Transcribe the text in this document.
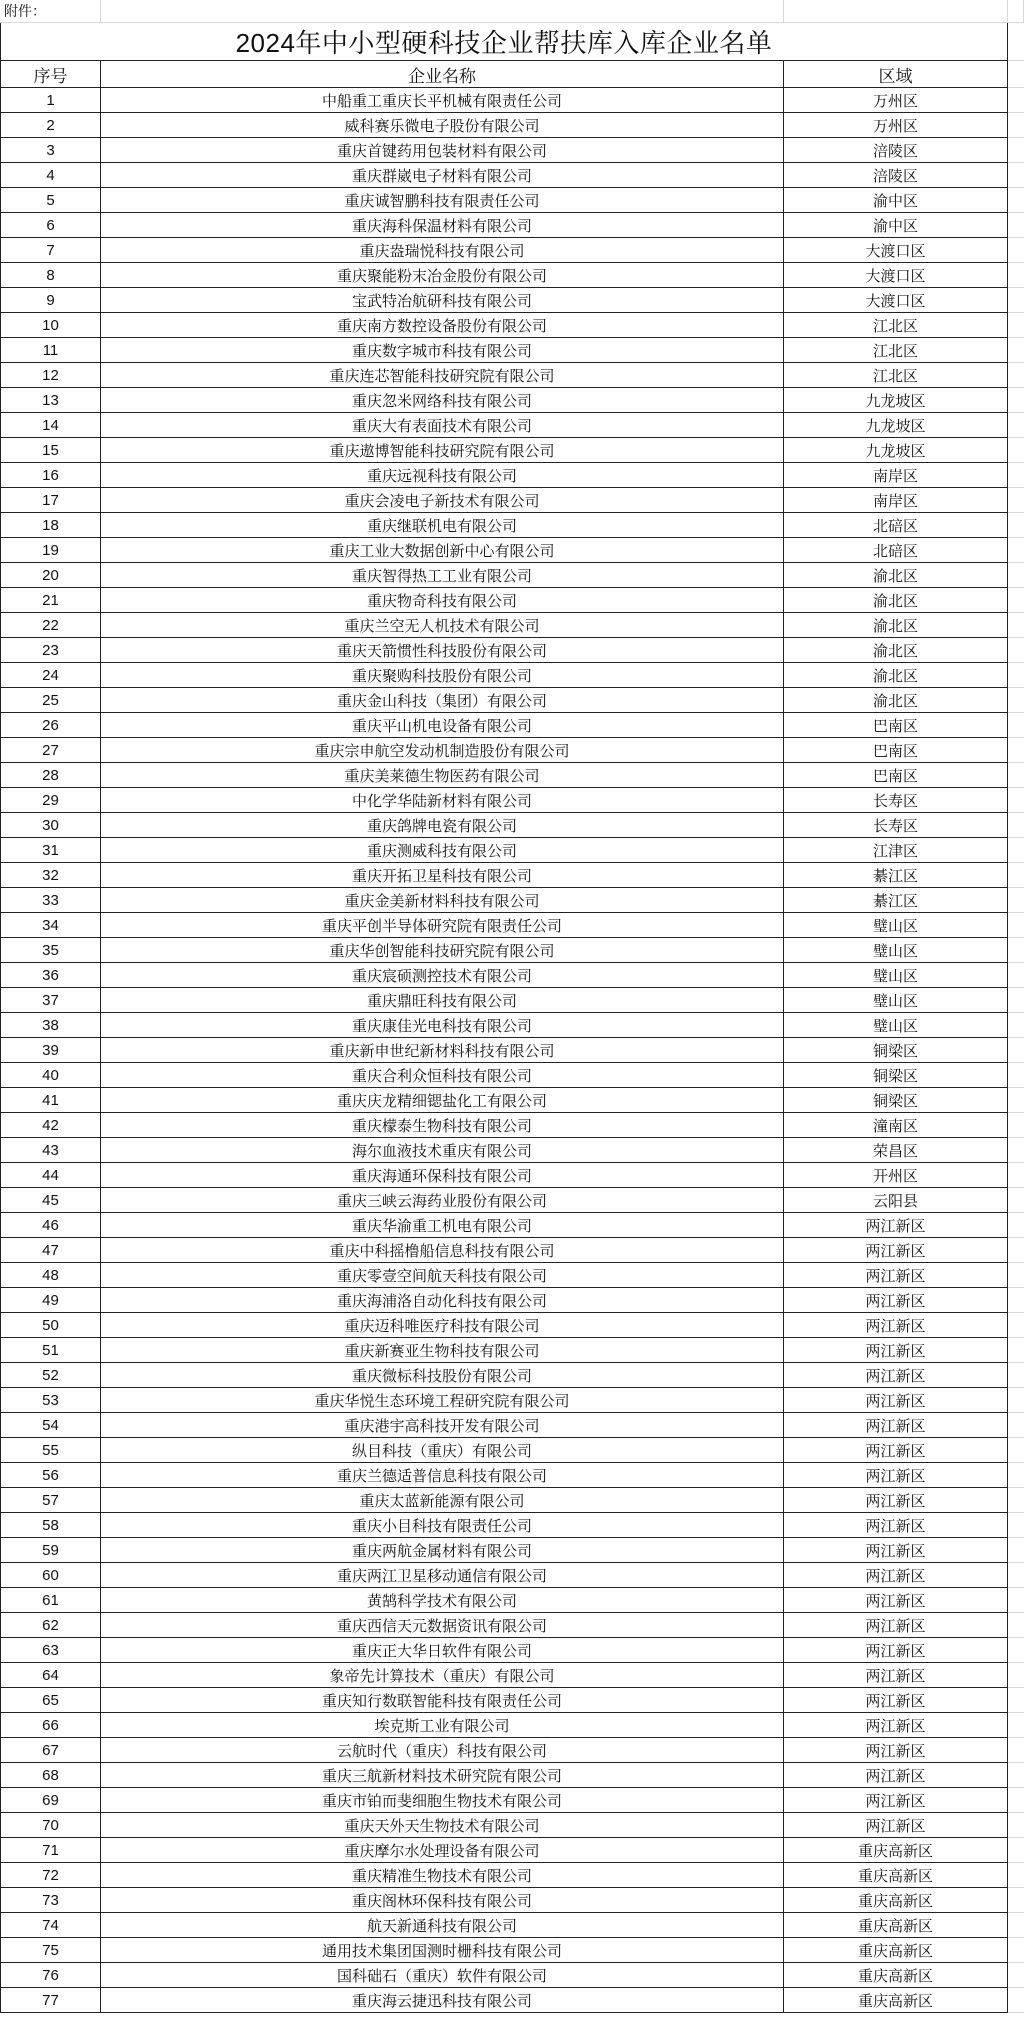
附件：
2024年中小型硬科技企业帮扶库入库企业名单
序号	企业名称	区域
1	中船重工重庆长平机械有限责任公司	万州区
2	威科赛乐微电子股份有限公司	万州区
3	重庆首键药用包装材料有限公司	涪陵区
4	重庆群崴电子材料有限公司	涪陵区
5	重庆诚智鹏科技有限责任公司	渝中区
6	重庆海科保温材料有限公司	渝中区
7	重庆盎瑞悦科技有限公司	大渡口区
8	重庆聚能粉末冶金股份有限公司	大渡口区
9	宝武特冶航研科技有限公司	大渡口区
10	重庆南方数控设备股份有限公司	江北区
11	重庆数字城市科技有限公司	江北区
12	重庆连芯智能科技研究院有限公司	江北区
13	重庆忽米网络科技有限公司	九龙坡区
14	重庆大有表面技术有限公司	九龙坡区
15	重庆遨博智能科技研究院有限公司	九龙坡区
16	重庆远视科技有限公司	南岸区
17	重庆会凌电子新技术有限公司	南岸区
18	重庆继联机电有限公司	北碚区
19	重庆工业大数据创新中心有限公司	北碚区
20	重庆智得热工工业有限公司	渝北区
21	重庆物奇科技有限公司	渝北区
22	重庆兰空无人机技术有限公司	渝北区
23	重庆天箭惯性科技股份有限公司	渝北区
24	重庆聚购科技股份有限公司	渝北区
25	重庆金山科技（集团）有限公司	渝北区
26	重庆平山机电设备有限公司	巴南区
27	重庆宗申航空发动机制造股份有限公司	巴南区
28	重庆美莱德生物医药有限公司	巴南区
29	中化学华陆新材料有限公司	长寿区
30	重庆鸽牌电瓷有限公司	长寿区
31	重庆测威科技有限公司	江津区
32	重庆开拓卫星科技有限公司	綦江区
33	重庆金美新材料科技有限公司	綦江区
34	重庆平创半导体研究院有限责任公司	璧山区
35	重庆华创智能科技研究院有限公司	璧山区
36	重庆宸硕测控技术有限公司	璧山区
37	重庆鼎旺科技有限公司	璧山区
38	重庆康佳光电科技有限公司	璧山区
39	重庆新申世纪新材料科技有限公司	铜梁区
40	重庆合利众恒科技有限公司	铜梁区
41	重庆庆龙精细锶盐化工有限公司	铜梁区
42	重庆檬泰生物科技有限公司	潼南区
43	海尔血液技术重庆有限公司	荣昌区
44	重庆海通环保科技有限公司	开州区
45	重庆三峡云海药业股份有限公司	云阳县
46	重庆华渝重工机电有限公司	两江新区
47	重庆中科摇橹船信息科技有限公司	两江新区
48	重庆零壹空间航天科技有限公司	两江新区
49	重庆海浦洛自动化科技有限公司	两江新区
50	重庆迈科唯医疗科技有限公司	两江新区
51	重庆新赛亚生物科技有限公司	两江新区
52	重庆微标科技股份有限公司	两江新区
53	重庆华悦生态环境工程研究院有限公司	两江新区
54	重庆港宇高科技开发有限公司	两江新区
55	纵目科技（重庆）有限公司	两江新区
56	重庆兰德适普信息科技有限公司	两江新区
57	重庆太蓝新能源有限公司	两江新区
58	重庆小目科技有限责任公司	两江新区
59	重庆两航金属材料有限公司	两江新区
60	重庆两江卫星移动通信有限公司	两江新区
61	黄鹄科学技术有限公司	两江新区
62	重庆西信天元数据资讯有限公司	两江新区
63	重庆正大华日软件有限公司	两江新区
64	象帝先计算技术（重庆）有限公司	两江新区
65	重庆知行数联智能科技有限责任公司	两江新区
66	埃克斯工业有限公司	两江新区
67	云航时代（重庆）科技有限公司	两江新区
68	重庆三航新材料技术研究院有限公司	两江新区
69	重庆市铂而斐细胞生物技术有限公司	两江新区
70	重庆天外天生物技术有限公司	两江新区
71	重庆摩尔水处理设备有限公司	重庆高新区
72	重庆精准生物技术有限公司	重庆高新区
73	重庆阁林环保科技有限公司	重庆高新区
74	航天新通科技有限公司	重庆高新区
75	通用技术集团国测时栅科技有限公司	重庆高新区
76	国科础石（重庆）软件有限公司	重庆高新区
77	重庆海云捷迅科技有限公司	重庆高新区
